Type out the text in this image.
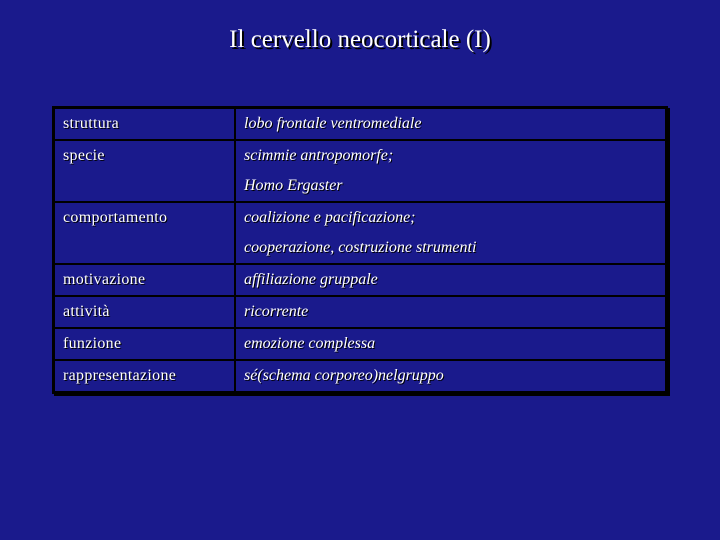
Il cervello neocorticale (I)
struttura	lobo frontale ventromediale

specie	scimmie antropomorfe;
Homo Ergaster

comportamento	coalizione e pacificazione;
cooperazione, costruzione strumenti

motivazione	affiliazione gruppale

attività	ricorrente

funzione	emozione complessa

rappresentazione	sé(schema corporeo)nelgruppo
